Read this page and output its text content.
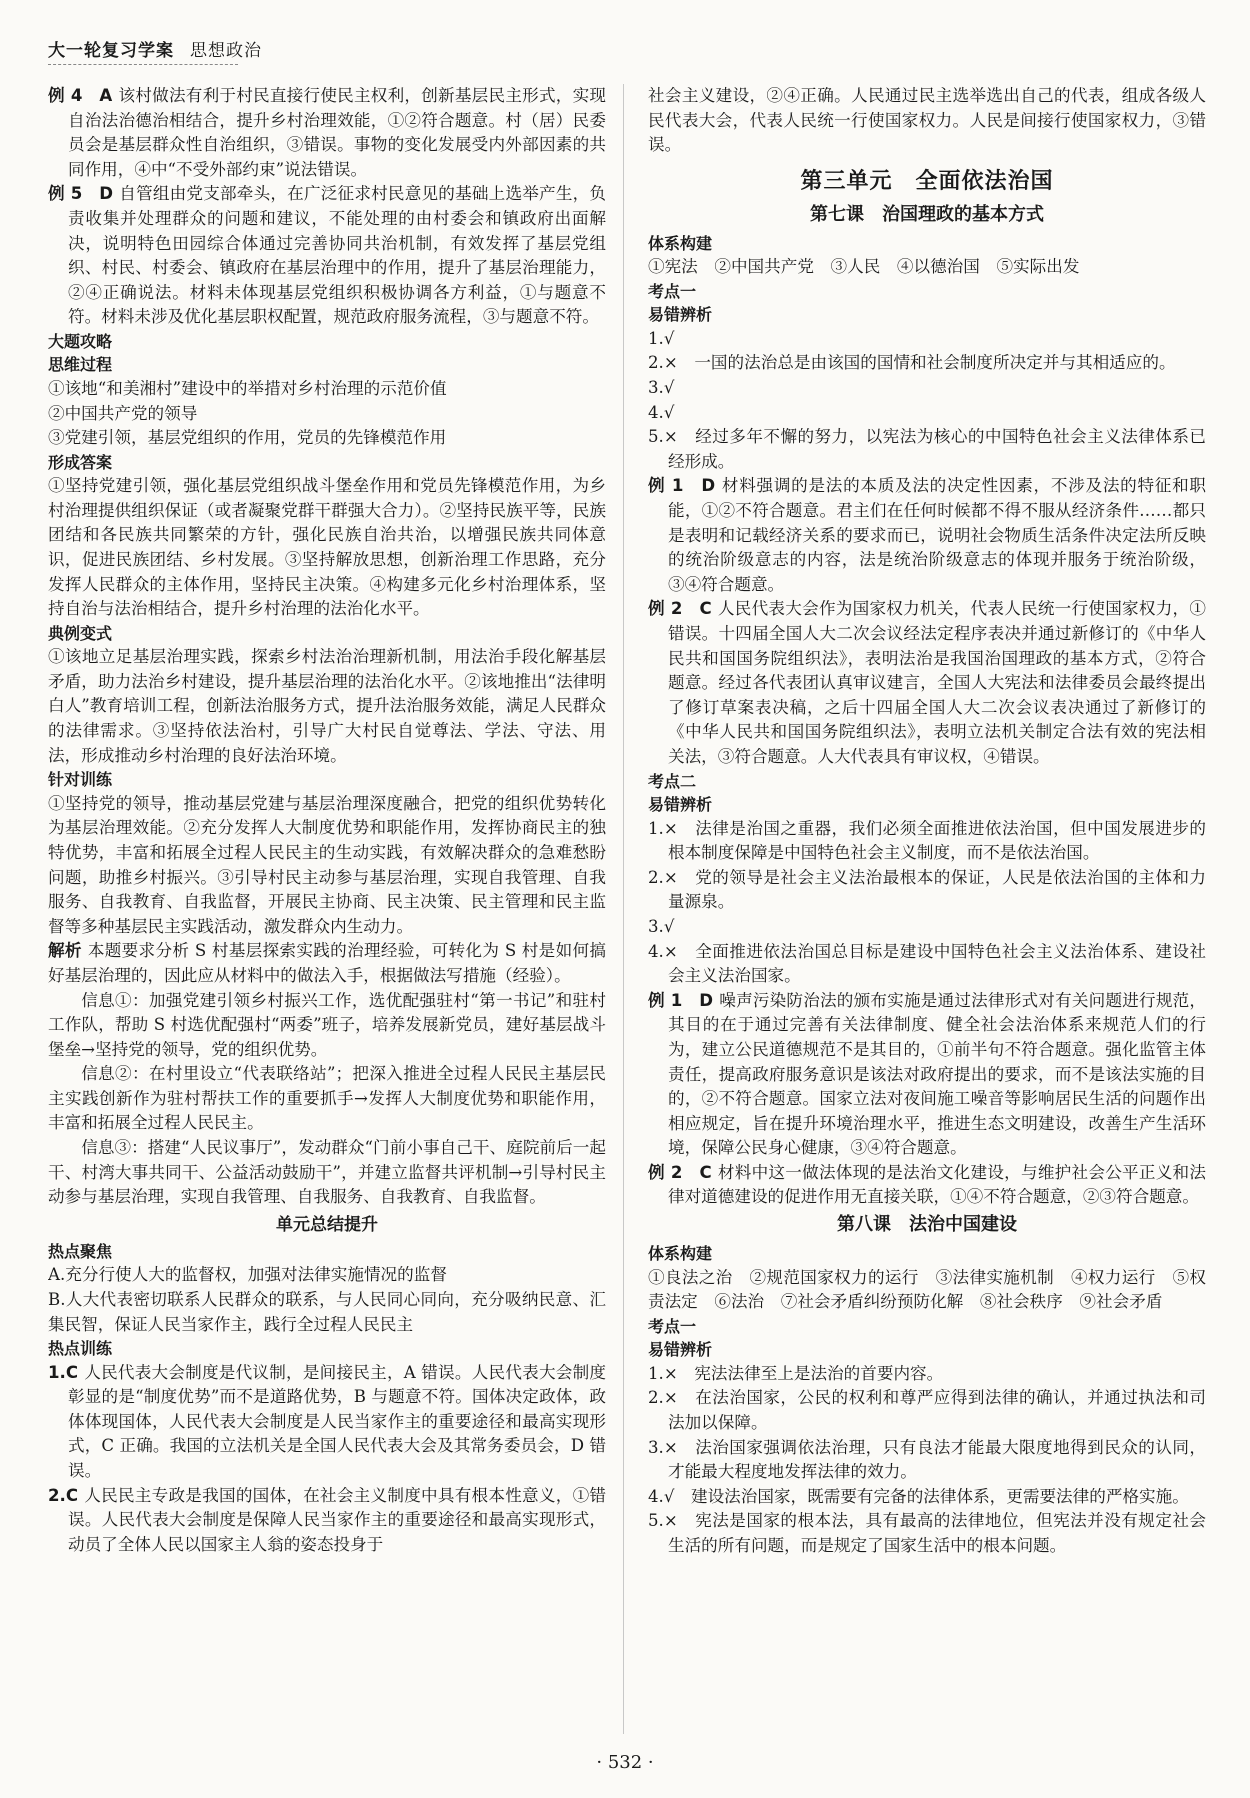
大一轮复习学案 思想政治

例 4　A 该村做法有利于村民直接行使民主权利，创新基层民主形式，实现自治法治德治相结合，提升乡村治理效能，①②符合题意。村（居）民委员会是基层群众性自治组织，③错误。事物的变化发展受内外部因素的共同作用，④中“不受外部约束”说法错误。

例 5　D 自管组由党支部牵头，在广泛征求村民意见的基础上选举产生，负责收集并处理群众的问题和建议，不能处理的由村委会和镇政府出面解决，说明特色田园综合体通过完善协同共治机制，有效发挥了基层党组织、村民、村委会、镇政府在基层治理中的作用，提升了基层治理能力，②④正确说法。材料未体现基层党组织积极协调各方利益，①与题意不符。材料未涉及优化基层职权配置，规范政府服务流程，③与题意不符。

大题攻略

思维过程

①该地“和美湘村”建设中的举措对乡村治理的示范价值

②中国共产党的领导

③党建引领，基层党组织的作用，党员的先锋模范作用

形成答案

①坚持党建引领，强化基层党组织战斗堡垒作用和党员先锋模范作用，为乡村治理提供组织保证（或者凝聚党群干群强大合力）。②坚持民族平等，民族团结和各民族共同繁荣的方针，强化民族自治共治，以增强民族共同体意识，促进民族团结、乡村发展。③坚持解放思想，创新治理工作思路，充分发挥人民群众的主体作用，坚持民主决策。④构建多元化乡村治理体系，坚持自治与法治相结合，提升乡村治理的法治化水平。

典例变式

①该地立足基层治理实践，探索乡村法治治理新机制，用法治手段化解基层矛盾，助力法治乡村建设，提升基层治理的法治化水平。②该地推出“法律明白人”教育培训工程，创新法治服务方式，提升法治服务效能，满足人民群众的法律需求。③坚持依法治村，引导广大村民自觉尊法、学法、守法、用法，形成推动乡村治理的良好法治环境。

针对训练

①坚持党的领导，推动基层党建与基层治理深度融合，把党的组织优势转化为基层治理效能。②充分发挥人大制度优势和职能作用，发挥协商民主的独特优势，丰富和拓展全过程人民民主的生动实践，有效解决群众的急难愁盼问题，助推乡村振兴。③引导村民主动参与基层治理，实现自我管理、自我服务、自我教育、自我监督，开展民主协商、民主决策、民主管理和民主监督等多种基层民主实践活动，激发群众内生动力。

解析 本题要求分析 S 村基层探索实践的治理经验，可转化为 S 村是如何搞好基层治理的，因此应从材料中的做法入手，根据做法写措施（经验）。

信息①：加强党建引领乡村振兴工作，选优配强驻村“第一书记”和驻村工作队，帮助 S 村选优配强村“两委”班子，培养发展新党员，建好基层战斗堡垒→坚持党的领导，党的组织优势。

信息②：在村里设立“代表联络站”；把深入推进全过程人民民主基层民主实践创新作为驻村帮扶工作的重要抓手→发挥人大制度优势和职能作用，丰富和拓展全过程人民民主。

信息③：搭建“人民议事厅”，发动群众“门前小事自己干、庭院前后一起干、村湾大事共同干、公益活动鼓励干”，并建立监督共评机制→引导村民主动参与基层治理，实现自我管理、自我服务、自我教育、自我监督。

单元总结提升

热点聚焦

A.充分行使人大的监督权，加强对法律实施情况的监督

B.人大代表密切联系人民群众的联系，与人民同心同向，充分吸纳民意、汇集民智，保证人民当家作主，践行全过程人民民主

热点训练

1.C 人民代表大会制度是代议制，是间接民主，A 错误。人民代表大会制度彰显的是“制度优势”而不是道路优势，B 与题意不符。国体决定政体，政体体现国体，人民代表大会制度是人民当家作主的重要途径和最高实现形式，C 正确。我国的立法机关是全国人民代表大会及其常务委员会，D 错误。

2.C 人民民主专政是我国的国体，在社会主义制度中具有根本性意义，①错误。人民代表大会制度是保障人民当家作主的重要途径和最高实现形式，动员了全体人民以国家主人翁的姿态投身于

社会主义建设，②④正确。人民通过民主选举选出自己的代表，组成各级人民代表大会，代表人民统一行使国家权力。人民是间接行使国家权力，③错误。

第三单元　全面依法治国

第七课　治国理政的基本方式

体系构建

①宪法　②中国共产党　③人民　④以德治国　⑤实际出发

考点一

易错辨析

1.√

2.×　一国的法治总是由该国的国情和社会制度所决定并与其相适应的。

3.√

4.√

5.×　经过多年不懈的努力，以宪法为核心的中国特色社会主义法律体系已经形成。

例 1　D 材料强调的是法的本质及法的决定性因素，不涉及法的特征和职能，①②不符合题意。君主们在任何时候都不得不服从经济条件……都只是表明和记载经济关系的要求而已，说明社会物质生活条件决定法所反映的统治阶级意志的内容，法是统治阶级意志的体现并服务于统治阶级，③④符合题意。

例 2　C 人民代表大会作为国家权力机关，代表人民统一行使国家权力，①错误。十四届全国人大二次会议经法定程序表决并通过新修订的《中华人民共和国国务院组织法》，表明法治是我国治国理政的基本方式，②符合题意。经过各代表团认真审议建言，全国人大宪法和法律委员会最终提出了修订草案表决稿，之后十四届全国人大二次会议表决通过了新修订的《中华人民共和国国务院组织法》，表明立法机关制定合法有效的宪法相关法，③符合题意。人大代表具有审议权，④错误。

考点二

易错辨析

1.×　法律是治国之重器，我们必须全面推进依法治国，但中国发展进步的根本制度保障是中国特色社会主义制度，而不是依法治国。

2.×　党的领导是社会主义法治最根本的保证，人民是依法治国的主体和力量源泉。

3.√

4.×　全面推进依法治国总目标是建设中国特色社会主义法治体系、建设社会主义法治国家。

例 1　D 噪声污染防治法的颁布实施是通过法律形式对有关问题进行规范，其目的在于通过完善有关法律制度、健全社会法治体系来规范人们的行为，建立公民道德规范不是其目的，①前半句不符合题意。强化监管主体责任，提高政府服务意识是该法对政府提出的要求，而不是该法实施的目的，②不符合题意。国家立法对夜间施工噪音等影响居民生活的问题作出相应规定，旨在提升环境治理水平，推进生态文明建设，改善生产生活环境，保障公民身心健康，③④符合题意。

例 2　C 材料中这一做法体现的是法治文化建设，与维护社会公平正义和法律对道德建设的促进作用无直接关联，①④不符合题意，②③符合题意。

第八课　法治中国建设

体系构建

①良法之治　②规范国家权力的运行　③法律实施机制　④权力运行　⑤权责法定　⑥法治　⑦社会矛盾纠纷预防化解　⑧社会秩序　⑨社会矛盾

考点一

易错辨析

1.×　宪法法律至上是法治的首要内容。

2.×　在法治国家，公民的权利和尊严应得到法律的确认，并通过执法和司法加以保障。

3.×　法治国家强调依法治理，只有良法才能最大限度地得到民众的认同，才能最大程度地发挥法律的效力。

4.√　建设法治国家，既需要有完备的法律体系，更需要法律的严格实施。

5.×　宪法是国家的根本法，具有最高的法律地位，但宪法并没有规定社会生活的所有问题，而是规定了国家生活中的根本问题。

· 532 ·
